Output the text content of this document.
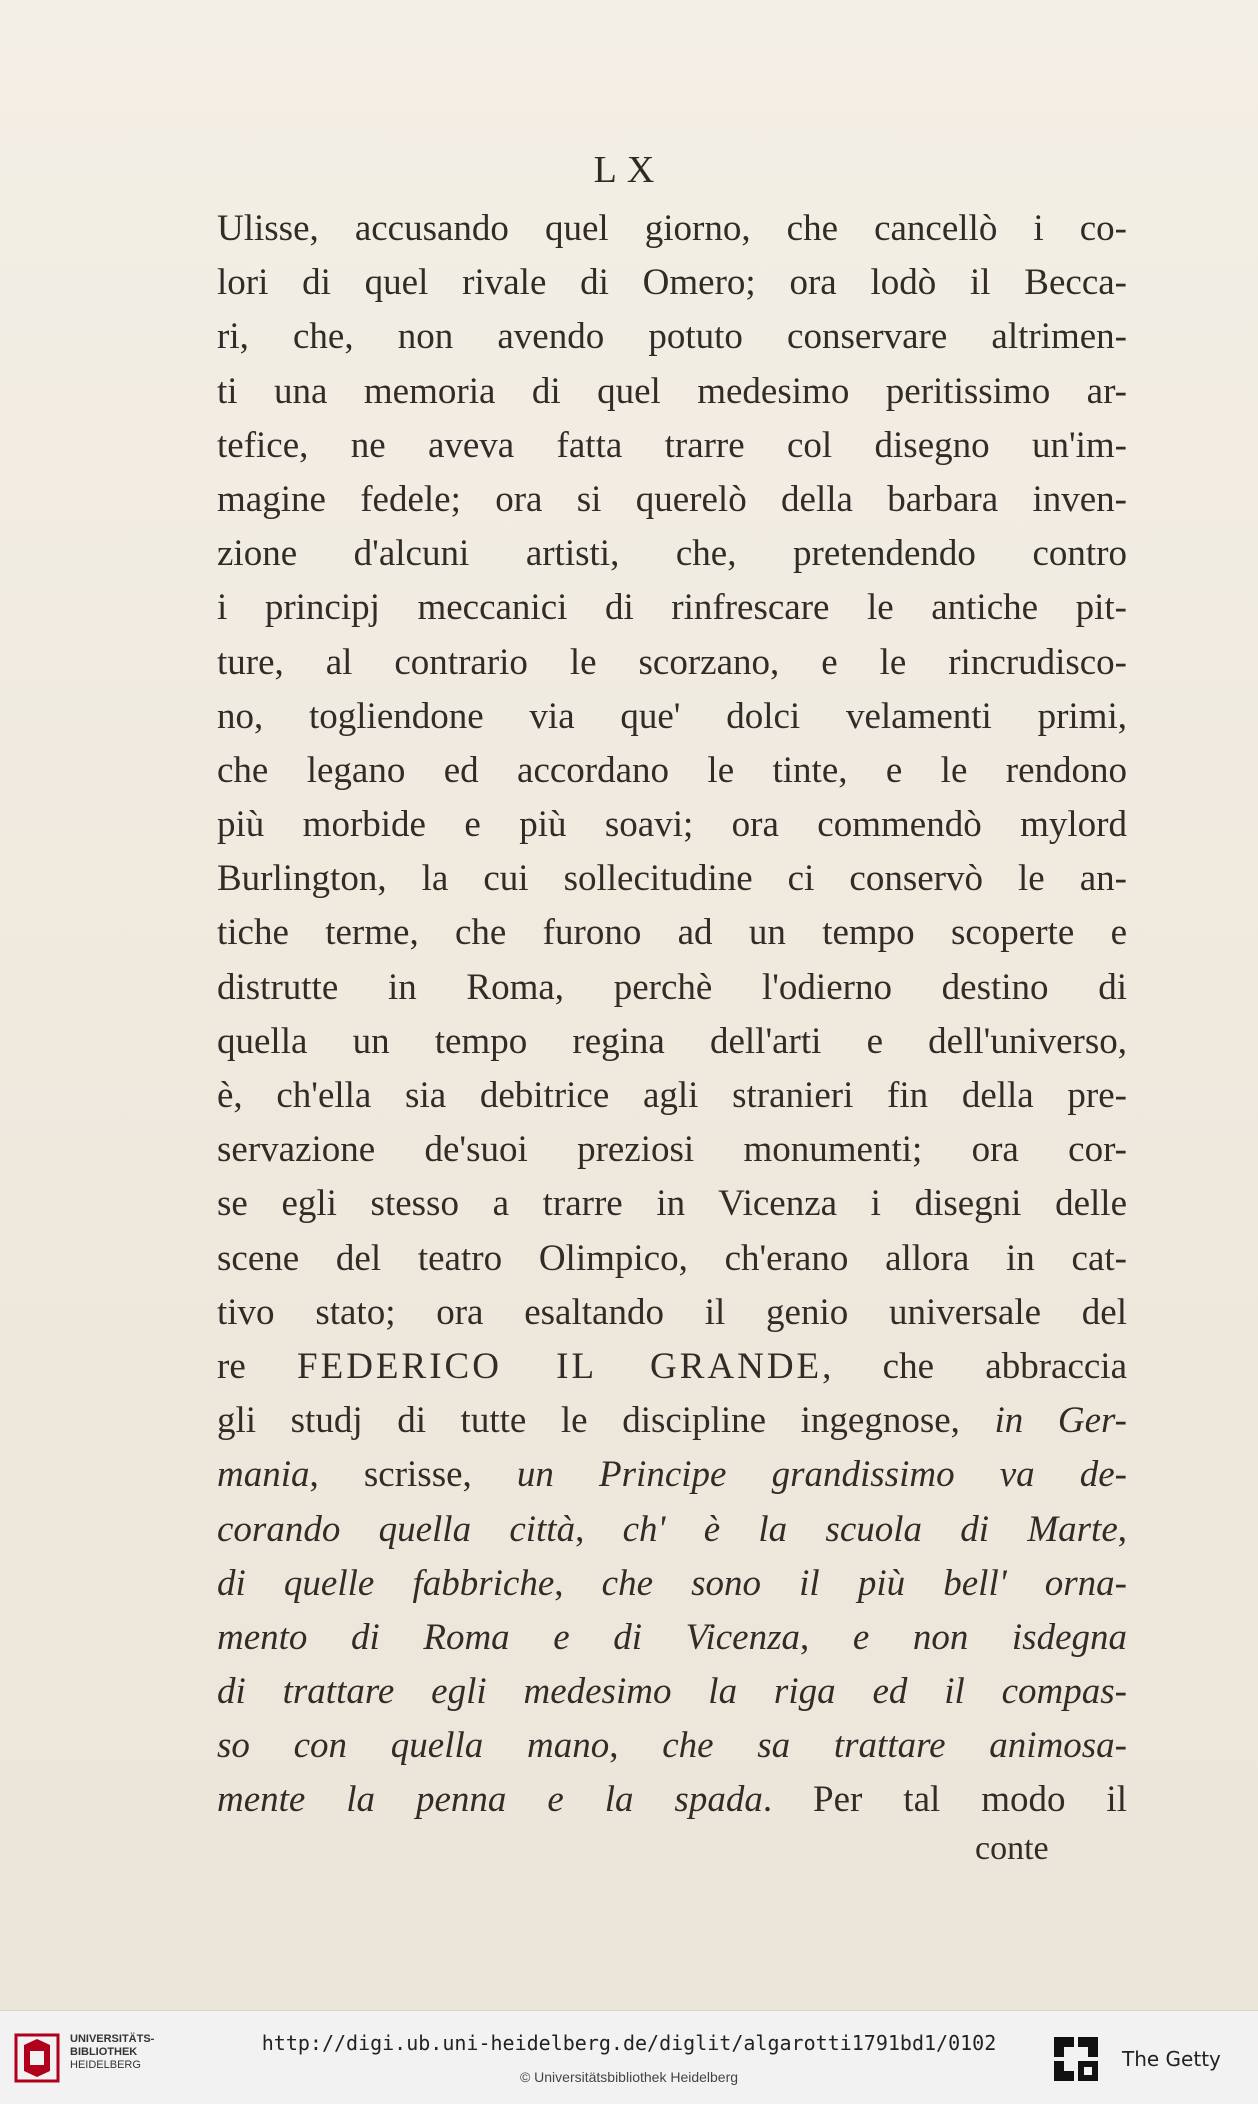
LX
Ulisse, accusando quel giorno, che cancellò i co-
lori di quel rivale di Omero; ora lodò il Becca-
ri, che, non avendo potuto conservare altrimen-
ti una memoria di quel medesimo peritissimo ar-
tefice, ne aveva fatta trarre col disegno un'im-
magine fedele; ora si querelò della barbara inven-
zione d'alcuni artisti, che, pretendendo contro
i principj meccanici di rinfrescare le antiche pit-
ture, al contrario le scorzano, e le rincrudisco-
no, togliendone via que' dolci velamenti primi,
che legano ed accordano le tinte, e le rendono
più morbide e più soavi; ora commendò mylord
Burlington, la cui sollecitudine ci conservò le an-
tiche terme, che furono ad un tempo scoperte e
distrutte in Roma, perchè l'odierno destino di
quella un tempo regina dell'arti e dell'universo,
è, ch'ella sia debitrice agli stranieri fin della pre-
servazione de'suoi preziosi monumenti; ora cor-
se egli stesso a trarre in Vicenza i disegni delle
scene del teatro Olimpico, ch'erano allora in cat-
tivo stato; ora esaltando il genio universale del
re FEDERICO IL GRANDE, che abbraccia
gli studj di tutte le discipline ingegnose, in Ger-
mania, scrisse, un Principe grandissimo va de-
corando quella città, ch' è la scuola di Marte,
di quelle fabbriche, che sono il più bell' orna-
mento di Roma e di Vicenza, e non isdegna
di trattare egli medesimo la riga ed il compas-
so con quella mano, che sa trattare animosa-
mente la penna e la spada. Per tal modo il
conte
UNIVERSITÄTS-
BIBLIOTHEK
HEIDELBERG
http://digi.ub.uni-heidelberg.de/diglit/algarotti1791bd1/0102
© Universitätsbibliothek Heidelberg
The Getty
